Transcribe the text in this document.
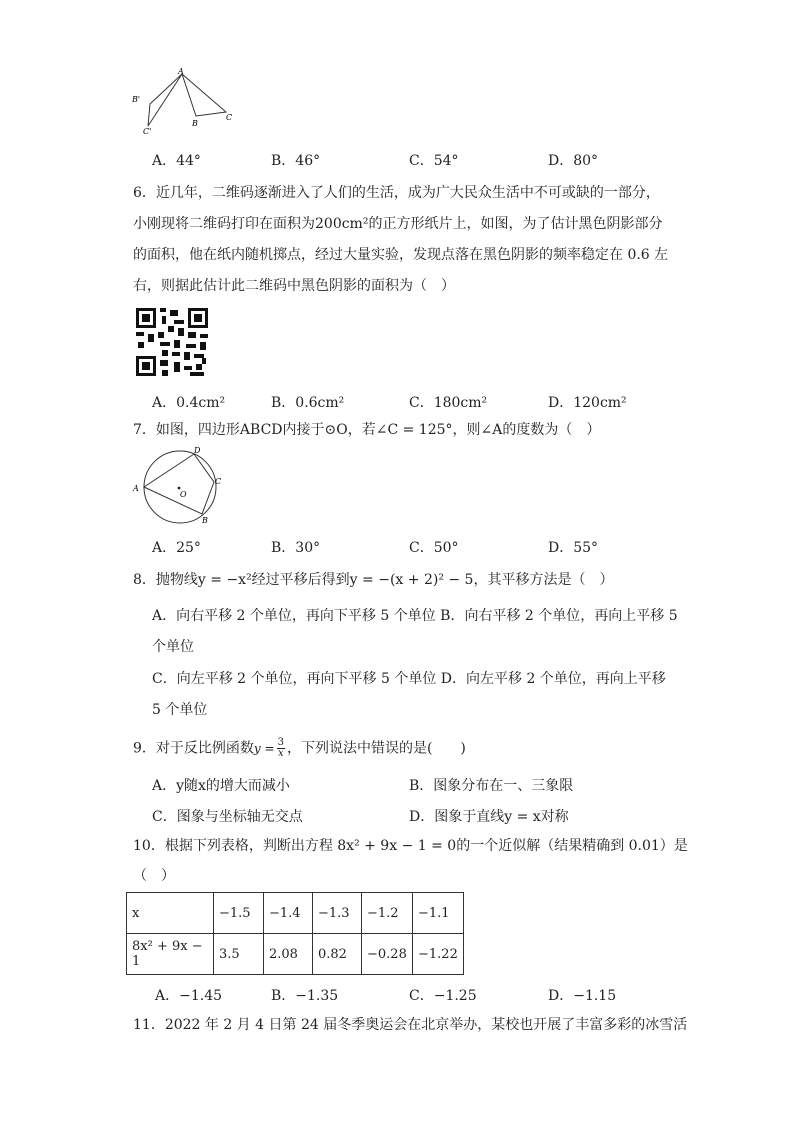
A
B'
C'
B
C
A．44°	B．46°	C．54°	D．80°
6．近几年，二维码逐渐进入了人们的生活，成为广大民众生活中不可或缺的一部分，
小刚现将二维码打印在面积为200cm²的正方形纸片上，如图，为了估计黑色阴影部分
的面积，他在纸内随机掷点，经过大量实验，发现点落在黑色阴影的频率稳定在 0.6 左
右，则据此估计此二维码中黑色阴影的面积为（　）
A．0.4cm²	B．0.6cm²	C．180cm²	D．120cm²
7．如图，四边形ABCD内接于⊙O，若∠C = 125°，则∠A的度数为（　）
A
B
C
D
O
A．25°	B．30°	C．50°	D．55°
8．抛物线y = −x²经过平移后得到y = −(x + 2)² − 5，其平移方法是（　）
A．向右平移 2 个单位，再向下平移 5 个单位 B．向右平移 2 个单位，再向上平移 5
个单位
C．向左平移 2 个单位，再向下平移 5 个单位 D．向左平移 2 个单位，再向上平移
5 个单位
9．对于反比例函数$y = \frac{3}{x}$ ，下列说法中错误的是(　　)
A．y随x的增大而减小	B．图象分布在一、三象限
C．图象与坐标轴无交点	D．图象于直线y = x对称
10．根据下列表格，判断出方程 8x² + 9x − 1 = 0的一个近似解（结果精确到 0.01）是
（　）
x	−1.5	−1.4	−1.3	−1.2	−1.1
8x² + 9x − 1	3.5	2.08	0.82	−0.28	−1.22
A．−1.45	B．−1.35	C．−1.25	D．−1.15
11．2022 年 2 月 4 日第 24 届冬季奥运会在北京举办，某校也开展了丰富多彩的冰雪活
